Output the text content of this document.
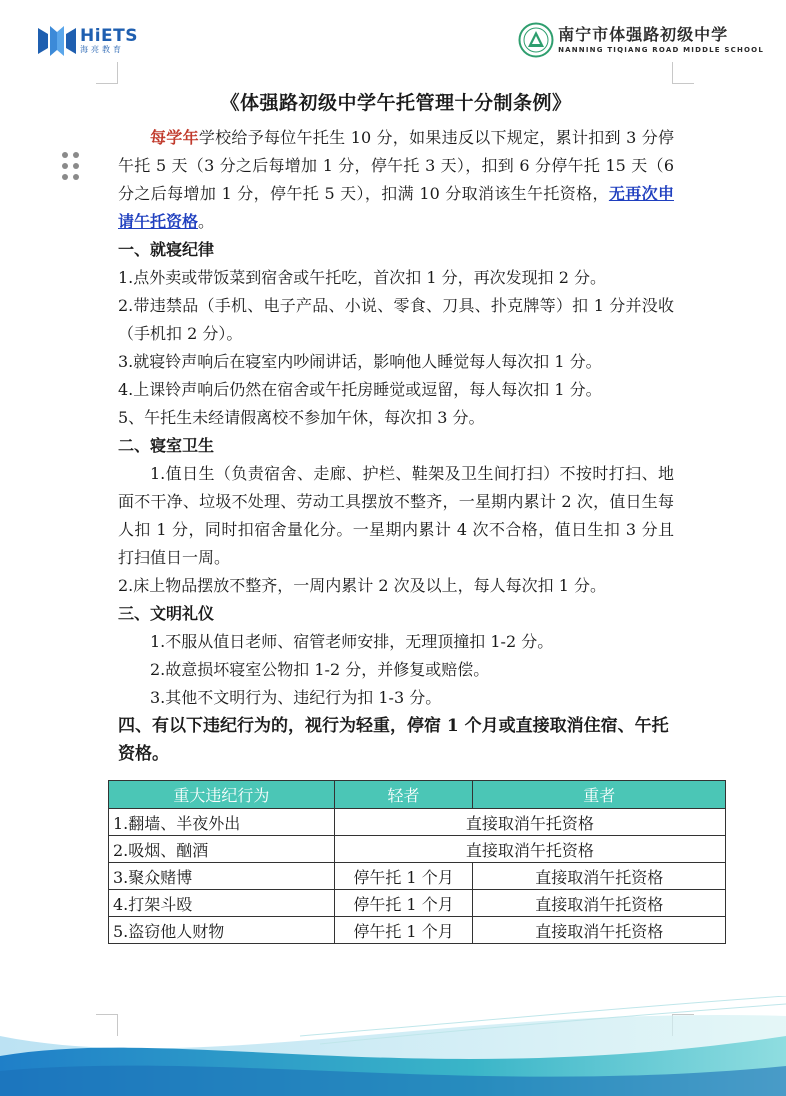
HiETS
海亮教育
南宁市体强路初级中学
NANNING TIQIANG ROAD MIDDLE SCHOOL
《体强路初级中学午托管理十分制条例》

每学年学校给予每位午托生 10 分，如果违反以下规定，累计扣到 3 分停午托 5 天（3 分之后每增加 1 分，停午托 3 天），扣到 6 分停午托 15 天（6 分之后每增加 1 分，停午托 5 天），扣满 10 分取消该生午托资格，无再次申请午托资格。

一、就寝纪律

1.点外卖或带饭菜到宿舍或午托吃，首次扣 1 分，再次发现扣 2 分。

2.带违禁品（手机、电子产品、小说、零食、刀具、扑克牌等）扣 1 分并没收（手机扣 2 分）。

3.就寝铃声响后在寝室内吵闹讲话，影响他人睡觉每人每次扣 1 分。

4.上课铃声响后仍然在宿舍或午托房睡觉或逗留，每人每次扣 1 分。

5、午托生未经请假离校不参加午休，每次扣 3 分。

二、寝室卫生

1.值日生（负责宿舍、走廊、护栏、鞋架及卫生间打扫）不按时打扫、地面不干净、垃圾不处理、劳动工具摆放不整齐，一星期内累计 2 次，值日生每人扣 1 分，同时扣宿舍量化分。一星期内累计 4 次不合格，值日生扣 3 分且打扫值日一周。

2.床上物品摆放不整齐，一周内累计 2 次及以上，每人每次扣 1 分。

三、文明礼仪

1.不服从值日老师、宿管老师安排，无理顶撞扣 1-2 分。

2.故意损坏寝室公物扣 1-2 分，并修复或赔偿。

3.其他不文明行为、违纪行为扣 1-3 分。

四、有以下违纪行为的，视行为轻重，停宿 1 个月或直接取消住宿、午托资格。
重大违纪行为	轻者	重者
1.翻墙、半夜外出	直接取消午托资格	
2.吸烟、酗酒	直接取消午托资格	
3.聚众赌博	停午托 1 个月	直接取消午托资格
4.打架斗殴	停午托 1 个月	直接取消午托资格
5.盗窃他人财物	停午托 1 个月	直接取消午托资格
